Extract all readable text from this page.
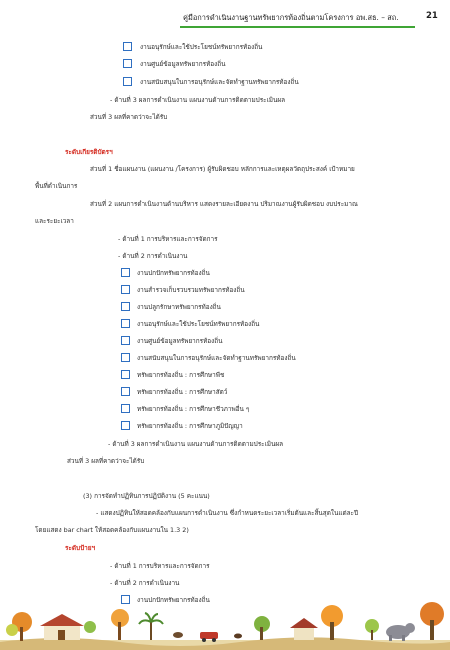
คู่มือการดำเนินงานฐานทรัพยากรท้องถิ่นตามโครงการ อพ.สธ. – สถ.	21
งานอนุรักษ์และใช้ประโยชน์ทรัพยากรท้องถิ่น
งานศูนย์ข้อมูลทรัพยากรท้องถิ่น
งานสนับสนุนในการอนุรักษ์และจัดทำฐานทรัพยากรท้องถิ่น
- ด้านที่ 3 ผลการดำเนินงาน แผนงานด้านการติดตามประเมินผล
ส่วนที่ 3 ผลที่คาดว่าจะได้รับ
ระดับเกียรติบัตรฯ
ส่วนที่ 1 ชื่อแผนงาน (แผนงาน /โครงการ) ผู้รับผิดชอบ หลักการและเหตุผลวัตถุประสงค์ เป้าหมาย
พื้นที่ดำเนินการ
ส่วนที่ 2 แผนการดำเนินงานด้านบริหาร แสดงรายละเอียดงาน ปริมาณงานผู้รับผิดชอบ งบประมาณ
และระยะเวลา
- ด้านที่ 1 การบริหารและการจัดการ
- ด้านที่ 2 การดำเนินงาน
งานปกปักทรัพยากรท้องถิ่น
งานสำรวจเก็บรวบรวมทรัพยากรท้องถิ่น
งานปลูกรักษาทรัพยากรท้องถิ่น
งานอนุรักษ์และใช้ประโยชน์ทรัพยากรท้องถิ่น
งานศูนย์ข้อมูลทรัพยากรท้องถิ่น
งานสนับสนุนในการอนุรักษ์และจัดทำฐานทรัพยากรท้องถิ่น
ทรัพยากรท้องถิ่น : การศึกษาพืช
ทรัพยากรท้องถิ่น : การศึกษาสัตว์
ทรัพยากรท้องถิ่น : การศึกษาชีวภาพอื่น ๆ
ทรัพยากรท้องถิ่น : การศึกษาภูมิปัญญา
- ด้านที่ 3 ผลการดำเนินงาน แผนงานด้านการติดตามประเมินผล
ส่วนที่ 3 ผลที่คาดว่าจะได้รับ
(3) การจัดทำปฏิทินการปฏิบัติงาน (5 คะแนน)
- แสดงปฏิทินให้สอดคล้องกับแผนการดำเนินงาน ซึ่งกำหนดระยะเวลาเริ่มต้นและสิ้นสุดในแต่ละปี
โดยแสดง bar chart ให้สอดคล้องกับแผนงานใน 1.3 2)
ระดับป้ายฯ
- ด้านที่ 1 การบริหารและการจัดการ
- ด้านที่ 2 การดำเนินงาน
งานปกปักทรัพยากรท้องถิ่น
